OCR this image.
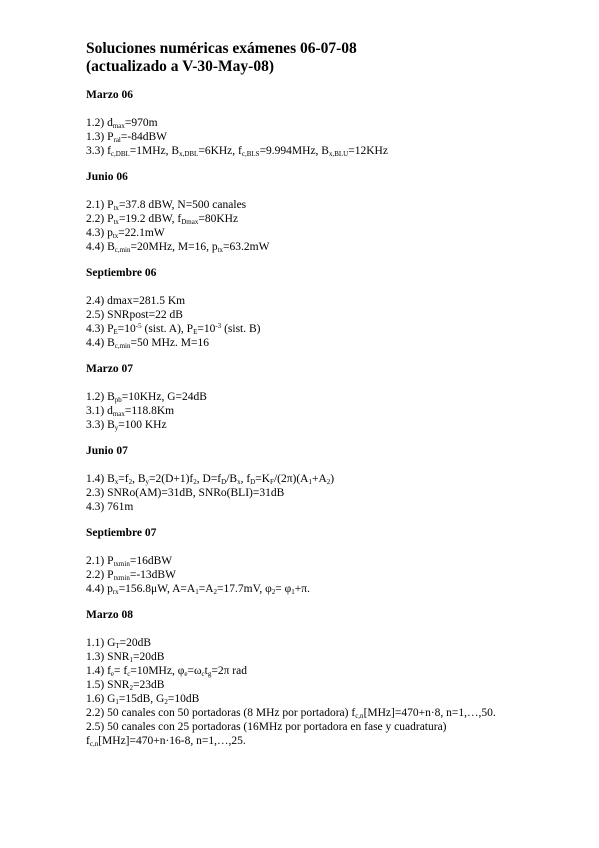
Soluciones numéricas exámenes 06-07-08
(actualizado a V-30-May-08)
Marzo 06
1.2) $d_{max}=970m$
1.3) $P_{ral}=-84dBW$
3.3) $f_{c,DBL}=1MHz$, $B_{x,DBL}=6KHz$, $f_{c,BLS}=9.994MHz$, $B_{x,BLU}=12KHz$
Junio 06
2.1) $P_{tx}=37.8$ dBW, N=500 canales
2.2) $P_{tx}=19.2$ dBW, $f_{Dmax}=80KHz$
4.3) $p_{tx}=22.1mW$
4.4) $B_{c,min}=20MHz$, M=16, $p_{tx}=63.2mW$
Septiembre 06
2.4) dmax=281.5 Km
2.5) SNRpost=22 dB
4.3) $P_E=10^{-5}$ (sist. A), $P_E=10^{-3}$ (sist. B)
4.4) $B_{c,min}=50$ MHz. M=16
Marzo 07
1.2) $B_{pb}=10KHz$, G=24dB
3.1) $d_{max}=118.8Km$
3.3) $B_y=100$ KHz
Junio 07
1.4) $B_x=f_2$, $B_y=2(D+1)f_2$, $D=f_D/B_x$, $f_D=K_F/(2\pi)(A_1+A_2)$
2.3) SNRo(AM)=31dB, SNRo(BLI)=31dB
4.3) 761m
Septiembre 07
2.1) $P_{txmin}=16dBW$
2.2) $P_{txmin}=-13dBW$
4.4) $p_{rx}=156.8\mu W$, $A=A_1=A_2=17.7mV$, $\varphi_2= \varphi_1+\pi$.
Marzo 08
1.1) $G_T=20dB$
1.3) $SNR_1=20dB$
1.4) $f_e= f_c=10MHz$, $\varphi_e=\omega_ct_g=2\pi$ rad
1.5) $SNR_2=23dB$
1.6) $G_1=15dB$, $G_2=10dB$
2.2) 50 canales con 50 portadoras (8 MHz por portadora) $f_{c,n}[MHz]=470+n\cdot 8$, n=1,…,50.
2.5) 50 canales con 25 portadoras (16MHz por portadora en fase y cuadratura)
$f_{c,n}[MHz]=470+n\cdot 16-8$, n=1,…,25.
